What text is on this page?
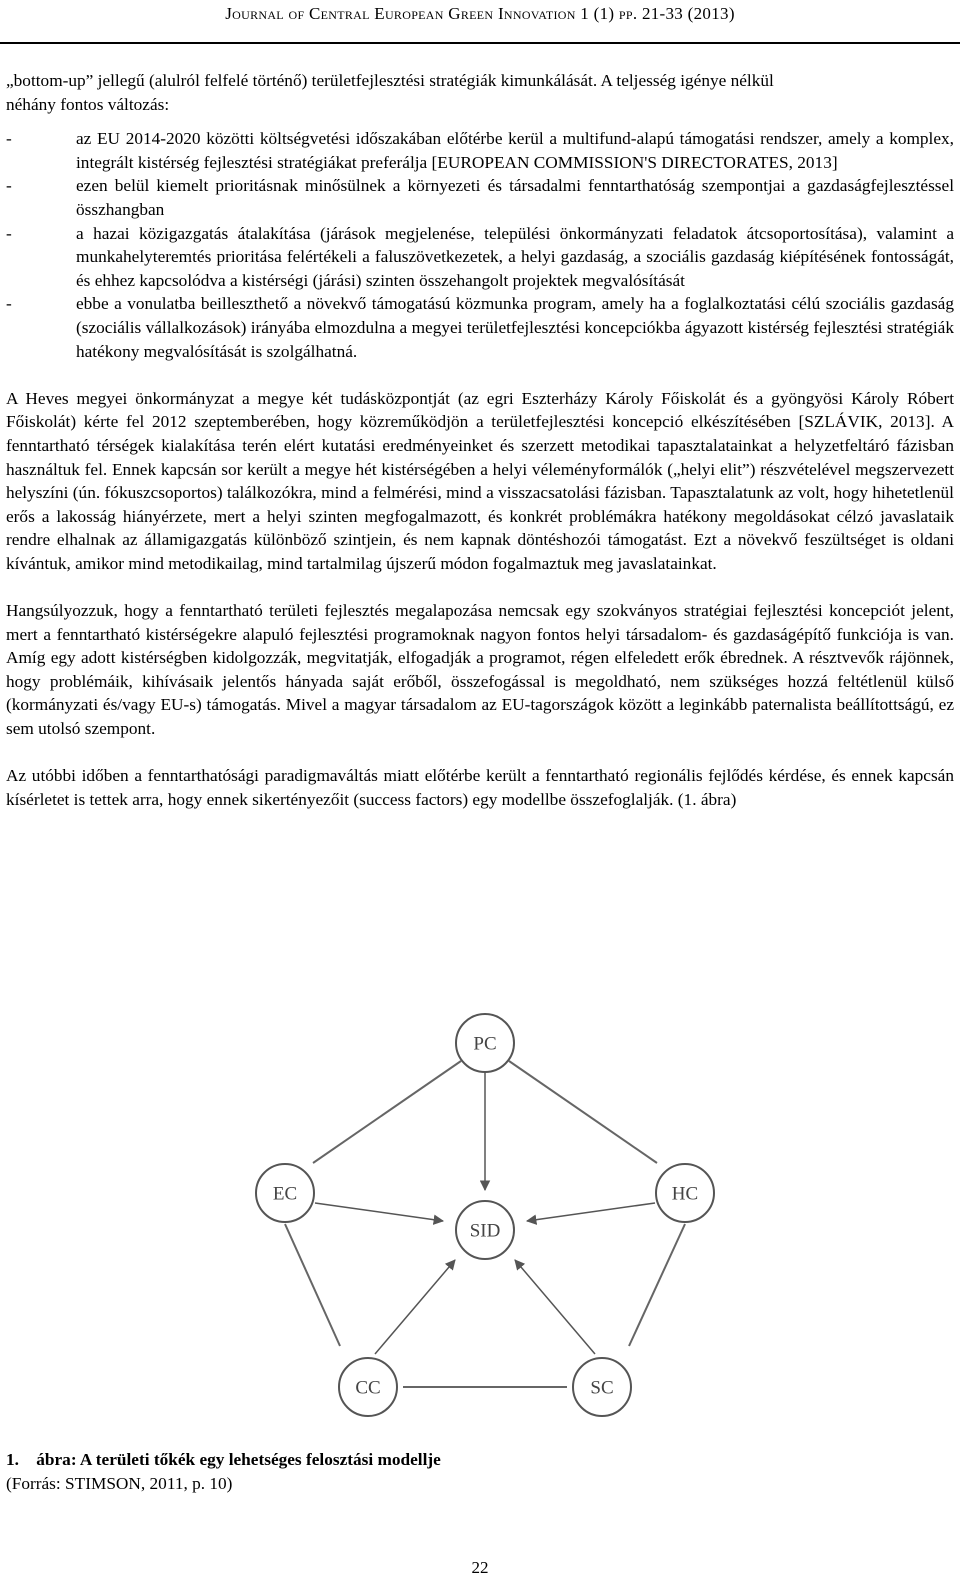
Journal of Central European Green Innovation 1 (1) pp. 21-33 (2013)

„bottom-up” jellegű (alulról felfelé történő) területfejlesztési stratégiák kimunkálását. A teljesség igénye nélkül
néhány fontos változás:

-	az EU 2014-2020 közötti költségvetési időszakában előtérbe kerül a multifund-alapú támogatási rendszer, amely a komplex, integrált kistérség fejlesztési stratégiákat preferálja [EUROPEAN COMMISSION'S DIRECTORATES, 2013]
-	ezen belül kiemelt prioritásnak minősülnek a környezeti és társadalmi fenntarthatóság szempontjai a gazdaságfejlesztéssel összhangban
-	a hazai közigazgatás átalakítása (járások megjelenése, települési önkormányzati feladatok átcsoportosítása), valamint a munkahelyteremtés prioritása felértékeli a faluszövetkezetek, a helyi gazdaság, a szociális gazdaság kiépítésének fontosságát, és ehhez kapcsolódva a kistérségi (járási) szinten összehangolt projektek megvalósítását
-	ebbe a vonulatba beilleszthető a növekvő támogatású közmunka program, amely ha a foglalkoztatási célú szociális gazdaság (szociális vállalkozások) irányába elmozdulna a megyei területfejlesztési koncepciókba ágyazott kistérség fejlesztési stratégiák hatékony megvalósítását is szolgálhatná.

A Heves megyei önkormányzat a megye két tudásközpontját (az egri Eszterházy Károly Főiskolát és a gyöngyösi Károly Róbert Főiskolát) kérte fel 2012 szeptemberében, hogy közreműködjön a területfejlesztési koncepció elkészítésében [SZLÁVIK, 2013]. A fenntartható térségek kialakítása terén elért kutatási eredményeinket és szerzett metodikai tapasztalatainkat a helyzetfeltáró fázisban használtuk fel. Ennek kapcsán sor került a megye hét kistérségében a helyi véleményformálók („helyi elit”) részvételével megszervezett helyszíni (ún. fókuszcsoportos) találkozókra, mind a felmérési, mind a visszacsatolási fázisban. Tapasztalatunk az volt, hogy hihetetlenül erős a lakosság hiányérzete, mert a helyi szinten megfogalmazott, és konkrét problémákra hatékony megoldásokat célzó javaslataik rendre elhalnak az államigazgatás különböző szintjein, és nem kapnak döntéshozói támogatást. Ezt a növekvő feszültséget is oldani kívántuk, amikor mind metodikailag, mind tartalmilag újszerű módon fogalmaztuk meg javaslatainkat.

Hangsúlyozzuk, hogy a fenntartható területi fejlesztés megalapozása nemcsak egy szokványos stratégiai fejlesztési koncepciót jelent, mert a fenntartható kistérségekre alapuló fejlesztési programoknak nagyon fontos helyi társadalom- és gazdaságépítő funkciója is van. Amíg egy adott kistérségben kidolgozzák, megvitatják, elfogadják a programot, régen elfeledett erők ébrednek. A résztvevők rájönnek, hogy problémáik, kihívásaik jelentős hányada saját erőből, összefogással is megoldható, nem szükséges hozzá feltétlenül külső (kormányzati és/vagy EU-s) támogatás. Mivel a magyar társadalom az EU-tagországok között a leginkább paternalista beállítottságú, ez sem utolsó szempont.

Az utóbbi időben a fenntarthatósági paradigmaváltás miatt előtérbe került a fenntartható regionális fejlődés kérdése, és ennek kapcsán kísérletet is tettek arra, hogy ennek sikertényezőit (success factors) egy modellbe összefoglalják. (1. ábra)

PC
EC	HC
SID
CC	SC
1. ábra: A területi tőkék egy lehetséges felosztási modellje
(Forrás: STIMSON, 2011, p. 10)
22
